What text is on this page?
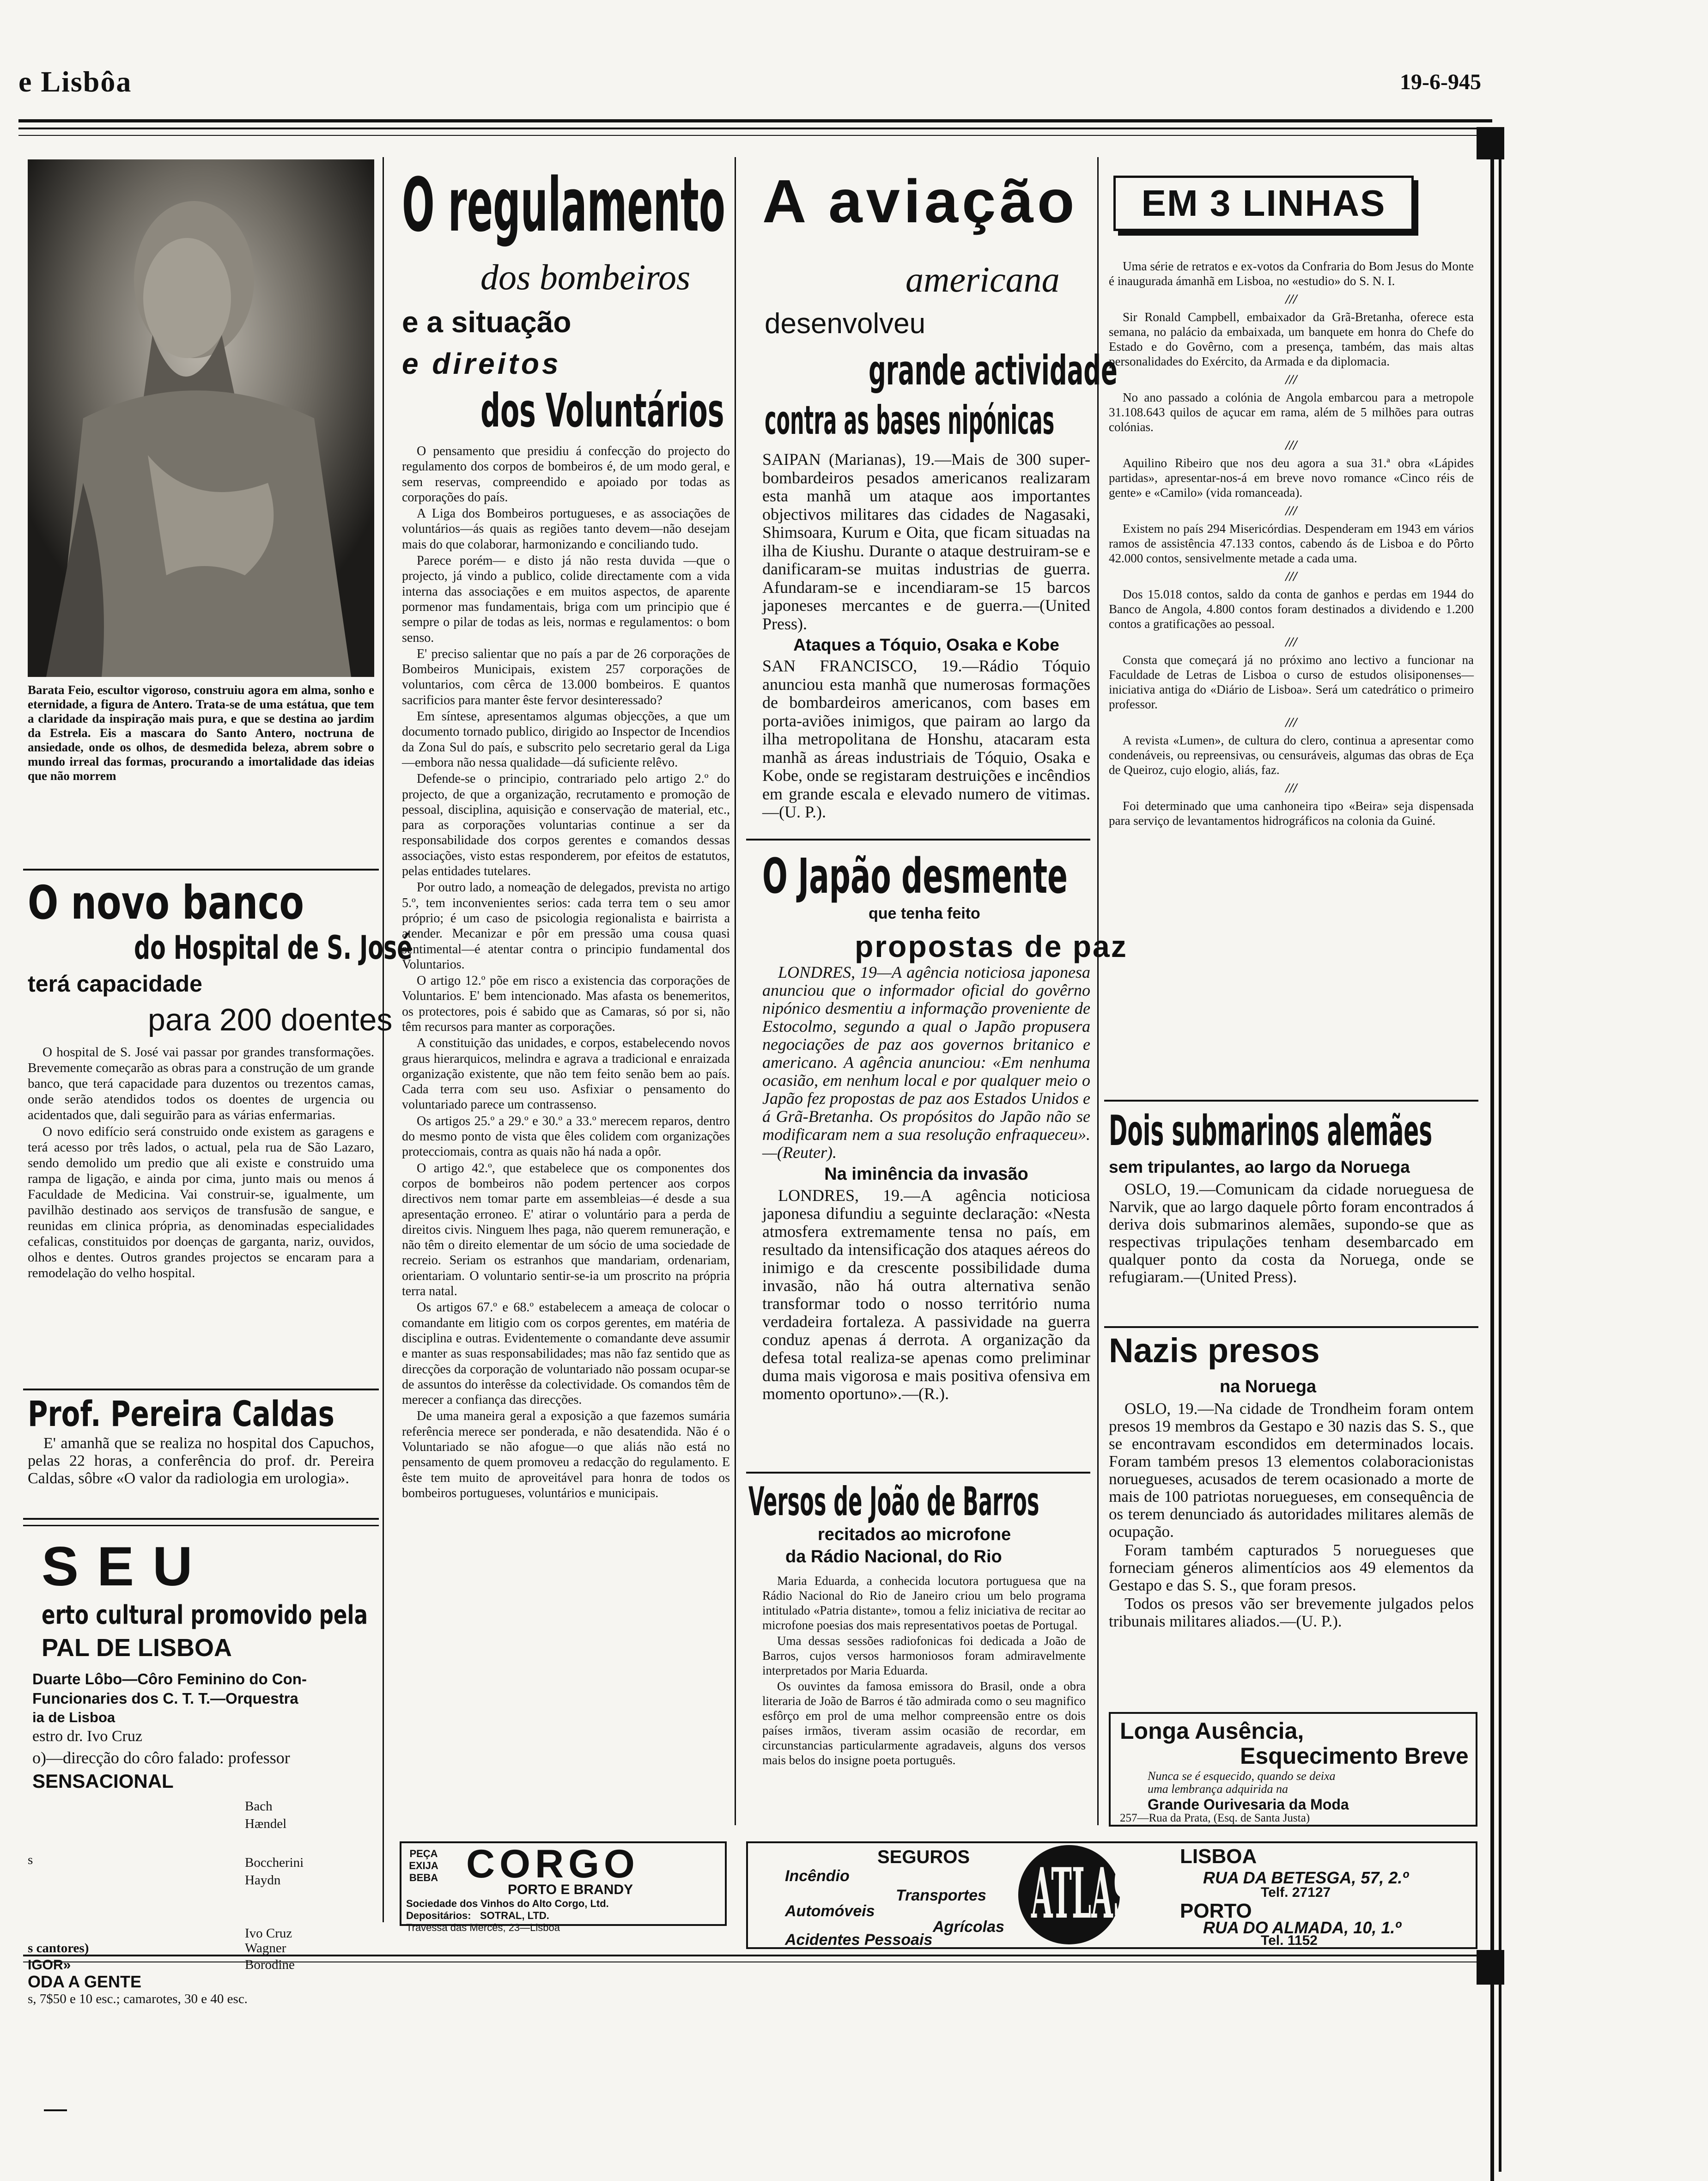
e Lisbôa	19-6-945
Barata Feio, escultor vigoroso, construiu agora em alma, sonho e eternidade, a figura de Antero. Trata-se de uma estátua, que tem a claridade da inspiração mais pura, e que se destina ao jardim da Estrela. Eis a mascara do Santo Antero, noctruna de ansiedade, onde os olhos, de desmedida beleza, abrem sobre o mundo irreal das formas, procurando a imortalidade das ideias que não morrem
O novo banco
do Hospital de S. José
terá capacidade
para 200 doentes

O hospital de S. José vai passar por grandes transformações. Brevemente começarão as obras para a construção de um grande banco, que terá capacidade para duzentos ou trezentos camas, onde serão atendidos todos os doentes de urgencia ou acidentados que, dali seguirão para as várias enfermarias.

O novo edifício será construido onde existem as garagens e terá acesso por três lados, o actual, pela rua de São Lazaro, sendo demolido um predio que ali existe e construido uma rampa de ligação, e ainda por cima, junto mais ou menos á Faculdade de Medicina. Vai construir-se, igualmente, um pavilhão destinado aos serviços de transfusão de sangue, e reunidas em clinica própria, as denominadas especialidades cefalicas, constituidos por doenças de garganta, nariz, ouvidos, olhos e dentes. Outros grandes projectos se encaram para a remodelação do velho hospital.

Prof. Pereira Caldas

E' amanhã que se realiza no hospital dos Capuchos, pelas 22 horas, a conferência do prof. dr. Pereira Caldas, sôbre «O valor da radiologia em urologia».

SEU
erto cultural promovido pela
PAL DE LISBOA
Duarte Lôbo—Côro Feminino do Con-
Funcionaries dos C. T. T.—Orquestra
ia de Lisboa
estro dr. Ivo Cruz
o)—direcção do côro falado: professor
SENSACIONAL
Bach
Hændel
s	Boccherini
Haydn
Ivo Cruz
s cantores)	Wagner
IGOR»	Borodine
ODA A GENTE
s, 7$50 e 10 esc.; camarotes, 30 e 40 esc.
O regulamento
dos bombeiros
e a situação
e direitos
dos Voluntários

O pensamento que presidiu á confecção do projecto do regulamento dos corpos de bombeiros é, de um modo geral, e sem reservas, compreendido e apoiado por todas as corporações do país.

A Liga dos Bombeiros portugueses, e as associações de voluntários—ás quais as regiões tanto devem—não desejam mais do que colaborar, harmonizando e conciliando tudo.

Parece porém— e disto já não resta duvida —que o projecto, já vindo a publico, colide directamente com a vida interna das associações e em muitos aspectos, de aparente pormenor mas fundamentais, briga com um principio que é sempre o pilar de todas as leis, normas e regulamentos: o bom senso.

E' preciso salientar que no país a par de 26 corporações de Bombeiros Municipais, existem 257 corporações de voluntarios, com cêrca de 13.000 bombeiros. E quantos sacrificios para manter êste fervor desinteressado?

Em síntese, apresentamos algumas objecções, a que um documento tornado publico, dirigido ao Inspector de Incendios da Zona Sul do país, e subscrito pelo secretario geral da Liga—embora não nessa qualidade—dá suficiente relêvo.

Defende-se o principio, contrariado pelo artigo 2.º do projecto, de que a organização, recrutamento e promoção de pessoal, disciplina, aquisição e conservação de material, etc., para as corporações voluntarias continue a ser da responsabilidade dos corpos gerentes e comandos dessas associações, visto estas responderem, por efeitos de estatutos, pelas entidades tutelares.

Por outro lado, a nomeação de delegados, prevista no artigo 5.º, tem inconvenientes serios: cada terra tem o seu amor próprio; é um caso de psicologia regionalista e bairrista a atender. Mecanizar e pôr em pressão uma cousa quasi sentimental—é atentar contra o principio fundamental dos Voluntarios.

O artigo 12.º põe em risco a existencia das corporações de Voluntarios. E' bem intencionado. Mas afasta os benemeritos, os protectores, pois é sabido que as Camaras, só por si, não têm recursos para manter as corporações.

A constituição das unidades, e corpos, estabelecendo novos graus hierarquicos, melindra e agrava a tradicional e enraizada organização existente, que não tem feito senão bem ao país. Cada terra com seu uso. Asfixiar o pensamento do voluntariado parece um contrassenso.

Os artigos 25.º a 29.º e 30.º a 33.º merecem reparos, dentro do mesmo ponto de vista que êles colidem com organizações protecciomais, contra as quais não há nada a opôr.

O artigo 42.º, que estabelece que os componentes dos corpos de bombeiros não podem pertencer aos corpos directivos nem tomar parte em assembleias—é desde a sua apresentação erroneo. E' atirar o voluntário para a perda de direitos civis. Ninguem lhes paga, não querem remuneração, e não têm o direito elementar de um sócio de uma sociedade de recreio. Seriam os estranhos que mandariam, ordenariam, orientariam. O voluntario sentir-se-ia um proscrito na própria terra natal.

Os artigos 67.º e 68.º estabelecem a ameaça de colocar o comandante em litigio com os corpos gerentes, em matéria de disciplina e outras. Evidentemente o comandante deve assumir e manter as suas responsabilidades; mas não faz sentido que as direcções da corporação de voluntariado não possam ocupar-se de assuntos do interêsse da colectividade. Os comandos têm de merecer a confiança das direcções.

De uma maneira geral a exposição a que fazemos sumária referência merece ser ponderada, e não desatendida. Não é o Voluntariado se não afogue—o que aliás não está no pensamento de quem promoveu a redacção do regulamento. E êste tem muito de aproveitável para honra de todos os bombeiros portugueses, voluntários e municipais.

A aviação
americana
desenvolveu
grande actividade
contra as bases nipónicas

SAIPAN (Marianas), 19.—Mais de 300 super-bombardeiros pesados americanos realizaram esta manhã um ataque aos importantes objectivos militares das cidades de Nagasaki, Shimsoara, Kurum e Oita, que ficam situadas na ilha de Kiushu. Durante o ataque destruiram-se e danificaram-se muitas industrias de guerra. Afundaram-se e incendiaram-se 15 barcos japoneses mercantes e de guerra.—(United Press).

Ataques a Tóquio, Osaka e Kobe

SAN FRANCISCO, 19.—Rádio Tóquio anunciou esta manhã que numerosas formações de bombardeiros americanos, com bases em porta-aviões inimigos, que pairam ao largo da ilha metropolitana de Honshu, atacaram esta manhã as áreas industriais de Tóquio, Osaka e Kobe, onde se registaram destruições e incêndios em grande escala e elevado numero de vitimas.—(U. P.).

O Japão desmente
que tenha feito
propostas de paz

LONDRES, 19—A agência noticiosa japonesa anunciou que o informador oficial do govêrno nipónico desmentiu a informação proveniente de Estocolmo, segundo a qual o Japão propusera negociações de paz aos governos britanico e americano. A agência anunciou: «Em nenhuma ocasião, em nenhum local e por qualquer meio o Japão fez propostas de paz aos Estados Unidos e á Grã-Bretanha. Os propósitos do Japão não se modificaram nem a sua resolução enfraqueceu».—(Reuter).

Na iminência da invasão

LONDRES, 19.—A agência noticiosa japonesa difundiu a seguinte declaração: «Nesta atmosfera extremamente tensa no país, em resultado da intensificação dos ataques aéreos do inimigo e da crescente possibilidade duma invasão, não há outra alternativa senão transformar todo o nosso território numa verdadeira fortaleza. A passividade na guerra conduz apenas á derrota. A organização da defesa total realiza-se apenas como preliminar duma mais vigorosa e mais positiva ofensiva em momento oportuno».—(R.).

Versos de João de Barros
recitados ao microfone
da Rádio Nacional, do Rio

Maria Eduarda, a conhecida locutora portuguesa que na Rádio Nacional do Rio de Janeiro criou um belo programa intitulado «Patria distante», tomou a feliz iniciativa de recitar ao microfone poesias dos mais representativos poetas de Portugal.

Uma dessas sessões radiofonicas foi dedicada a João de Barros, cujos versos harmoniosos foram admiravelmente interpretados por Maria Eduarda.

Os ouvintes da famosa emissora do Brasil, onde a obra literaria de João de Barros é tão admirada como o seu magnifico esfôrço em prol de uma melhor compreensão entre os dois países irmãos, tiveram assim ocasião de recordar, em circunstancias particularmente agradaveis, alguns dos versos mais belos do insigne poeta português.

EM 3 LINHAS

Uma série de retratos e ex-votos da Confraria do Bom Jesus do Monte é inaugurada ámanhã em Lisboa, no «estudio» do S. N. I.

///

Sir Ronald Campbell, embaixador da Grã-Bretanha, oferece esta semana, no palácio da embaixada, um banquete em honra do Chefe do Estado e do Govêrno, com a presença, também, das mais altas personalidades do Exército, da Armada e da diplomacia.

///

No ano passado a colónia de Angola embarcou para a metropole 31.108.643 quilos de açucar em rama, além de 5 milhões para outras colónias.

///

Aquilino Ribeiro que nos deu agora a sua 31.ª obra «Lápides partidas», apresentar-nos-á em breve novo romance «Cinco réis de gente» e «Camilo» (vida romanceada).

///

Existem no país 294 Misericórdias. Despenderam em 1943 em vários ramos de assistência 47.133 contos, cabendo ás de Lisboa e do Pôrto 42.000 contos, sensivelmente metade a cada uma.

///

Dos 15.018 contos, saldo da conta de ganhos e perdas em 1944 do Banco de Angola, 4.800 contos foram destinados a dividendo e 1.200 contos a gratificações ao pessoal.

///

Consta que começará já no próximo ano lectivo a funcionar na Faculdade de Letras de Lisboa o curso de estudos olisiponenses—iniciativa antiga do «Diário de Lisboa». Será um catedrático o primeiro professor.

///

A revista «Lumen», de cultura do clero, continua a apresentar como condenáveis, ou repreensivas, ou censuráveis, algumas das obras de Eça de Queiroz, cujo elogio, aliás, faz.

///

Foi determinado que uma canhoneira tipo «Beira» seja dispensada para serviço de levantamentos hidrográficos na colonia da Guiné.

Dois submarinos alemães
sem tripulantes, ao largo da Noruega

OSLO, 19.—Comunicam da cidade norueguesa de Narvik, que ao largo daquele pôrto foram encontrados á deriva dois submarinos alemães, supondo-se que as respectivas tripulações tenham desembarcado em qualquer ponto da costa da Noruega, onde se refugiaram.—(United Press).

Nazis presos
na Noruega

OSLO, 19.—Na cidade de Trondheim foram ontem presos 19 membros da Gestapo e 30 nazis das S. S., que se encontravam escondidos em determinados locais. Foram também presos 13 elementos colaboracionistas noruegueses, acusados de terem ocasionado a morte de mais de 100 patriotas noruegueses, em consequência de os terem denunciado ás autoridades militares alemãs de ocupação.

Foram também capturados 5 noruegueses que forneciam géneros alimentícios aos 49 elementos da Gestapo e das S. S., que foram presos.

Todos os presos vão ser brevemente julgados pelos tribunais militares aliados.—(U. P.).

Longa Ausência,
Esquecimento Breve
Nunca se é esquecido, quando se deixa
uma lembrança adquirida na
Grande Ourivesaria da Moda
257—Rua da Prata, (Esq. de Santa Justa)
PEÇA
EXIJA
BEBA CORGO
PORTO E BRANDY
Sociedade dos Vinhos do Alto Corgo, Ltd.
Depositários: SOTRAL, LTD.
Travessa das Mercês, 23—Lisboa
SEGUROS
Incêndio
Transportes
Automóveis
Agrícolas
Acidentes Pessoais
ATLAS LISBOA
RUA DA BETESGA, 57, 2.º
Telf. 27127
PORTO
RUA DO ALMADA, 10, 1.º
Tel. 1152
